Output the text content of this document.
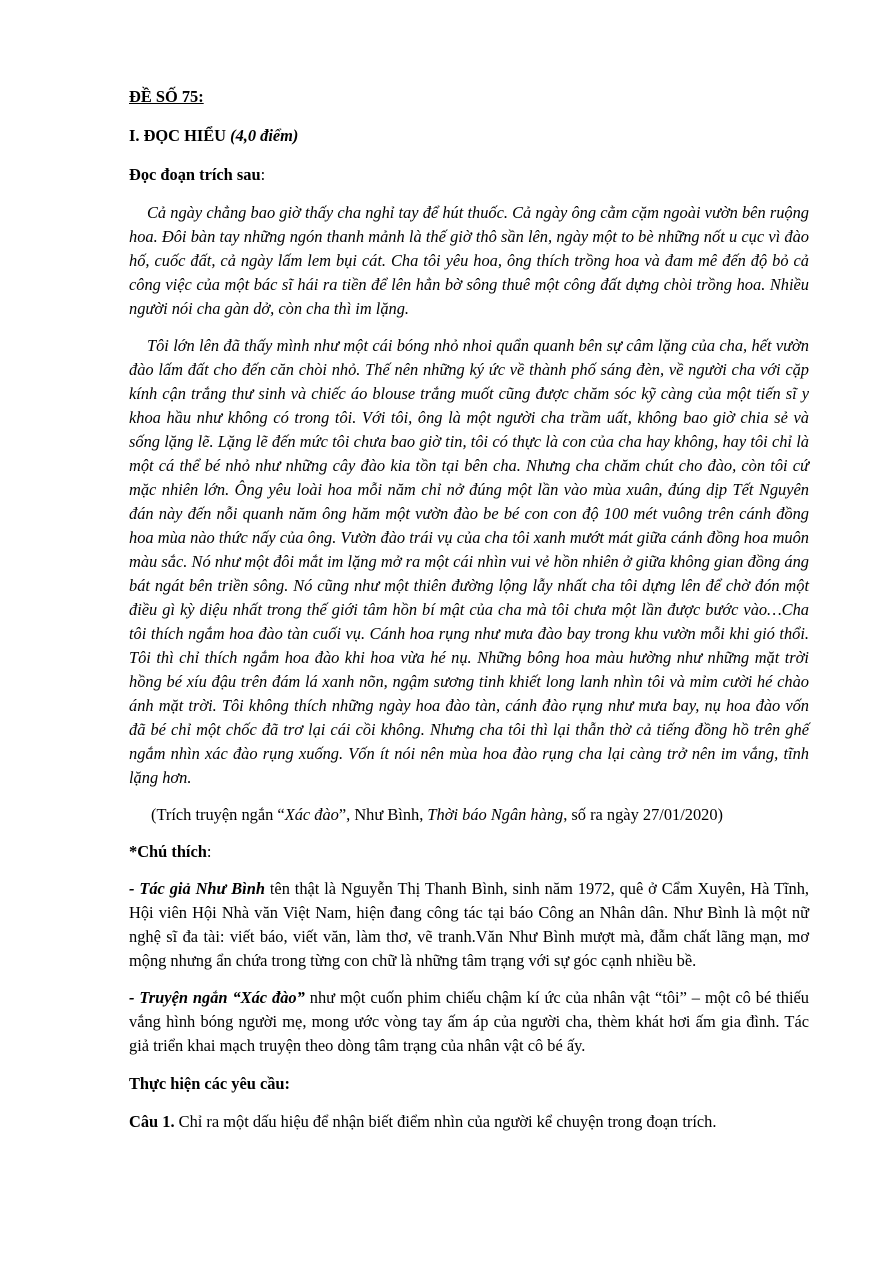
ĐỀ SỐ 75:

I. ĐỌC HIỂU (4,0 điểm)

Đọc đoạn trích sau:

Cả ngày chẳng bao giờ thấy cha nghỉ tay để hút thuốc. Cả ngày ông cằm cặm ngoài vườn bên ruộng hoa. Đôi bàn tay những ngón thanh mảnh là thế giờ thô sần lên, ngày một to bè những nốt u cục vì đào hố, cuốc đất, cả ngày lấm lem bụi cát. Cha tôi yêu hoa, ông thích trồng hoa và đam mê đến độ bỏ cả công việc của một bác sĩ hái ra tiền để lên hẳn bờ sông thuê một công đất dựng chòi trồng hoa. Nhiều người nói cha gàn dở, còn cha thì im lặng.

Tôi lớn lên đã thấy mình như một cái bóng nhỏ nhoi quẩn quanh bên sự câm lặng của cha, hết vườn đào lấm đất cho đến căn chòi nhỏ. Thế nên những ký ức về thành phố sáng đèn, về người cha với cặp kính cận trắng thư sinh và chiếc áo blouse trắng muốt cũng được chăm sóc kỹ càng của một tiến sĩ y khoa hầu như không có trong tôi. Với tôi, ông là một người cha trầm uất, không bao giờ chia sẻ và sống lặng lẽ. Lặng lẽ đến mức tôi chưa bao giờ tin, tôi có thực là con của cha hay không, hay tôi chỉ là một cá thể bé nhỏ như những cây đào kia tồn tại bên cha. Nhưng cha chăm chút cho đào, còn tôi cứ mặc nhiên lớn. Ông yêu loài hoa mỗi năm chỉ nở đúng một lần vào mùa xuân, đúng dịp Tết Nguyên đán này đến nỗi quanh năm ông hăm một vườn đào be bé con con độ 100 mét vuông trên cánh đồng hoa mùa nào thức nấy của ông. Vườn đào trái vụ của cha tôi xanh mướt mát giữa cánh đồng hoa muôn màu sắc. Nó như một đôi mắt im lặng mở ra một cái nhìn vui vẻ hồn nhiên ở giữa không gian đồng áng bát ngát bên triền sông. Nó cũng như một thiên đường lộng lẫy nhất cha tôi dựng lên để chờ đón một điều gì kỳ diệu nhất trong thế giới tâm hồn bí mật của cha mà tôi chưa một lần được bước vào…Cha tôi thích ngắm hoa đào tàn cuối vụ. Cánh hoa rụng như mưa đào bay trong khu vườn mỗi khi gió thổi. Tôi thì chỉ thích ngắm hoa đào khi hoa vừa hé nụ. Những bông hoa màu hường như những mặt trời hồng bé xíu đậu trên đám lá xanh nõn, ngậm sương tinh khiết long lanh nhìn tôi và mỉm cười hé chào ánh mặt trời. Tôi không thích những ngày hoa đào tàn, cánh đào rụng như mưa bay, nụ hoa đào vốn đã bé chỉ một chốc đã trơ lại cái cồi không. Nhưng cha tôi thì lại thẫn thờ cả tiếng đồng hồ trên ghế ngắm nhìn xác đào rụng xuống. Vốn ít nói nên mùa hoa đào rụng cha lại càng trở nên im vắng, tĩnh lặng hơn.

(Trích truyện ngắn “Xác đào”, Như Bình, Thời báo Ngân hàng, số ra ngày 27/01/2020)

*Chú thích:

- Tác giả Như Bình tên thật là Nguyễn Thị Thanh Bình, sinh năm 1972, quê ở Cẩm Xuyên, Hà Tĩnh, Hội viên Hội Nhà văn Việt Nam, hiện đang công tác tại báo Công an Nhân dân. Như Bình là một nữ nghệ sĩ đa tài: viết báo, viết văn, làm thơ, vẽ tranh.Văn Như Bình mượt mà, đẫm chất lãng mạn, mơ mộng nhưng ẩn chứa trong từng con chữ là những tâm trạng với sự góc cạnh nhiều bề.

- Truyện ngắn “Xác đào” như một cuốn phim chiếu chậm kí ức của nhân vật “tôi” – một cô bé thiếu vắng hình bóng người mẹ, mong ước vòng tay ấm áp của người cha, thèm khát hơi ấm gia đình. Tác giả triển khai mạch truyện theo dòng tâm trạng của nhân vật cô bé ấy.

Thực hiện các yêu cầu:

Câu 1. Chỉ ra một dấu hiệu để nhận biết điểm nhìn của người kể chuyện trong đoạn trích.
